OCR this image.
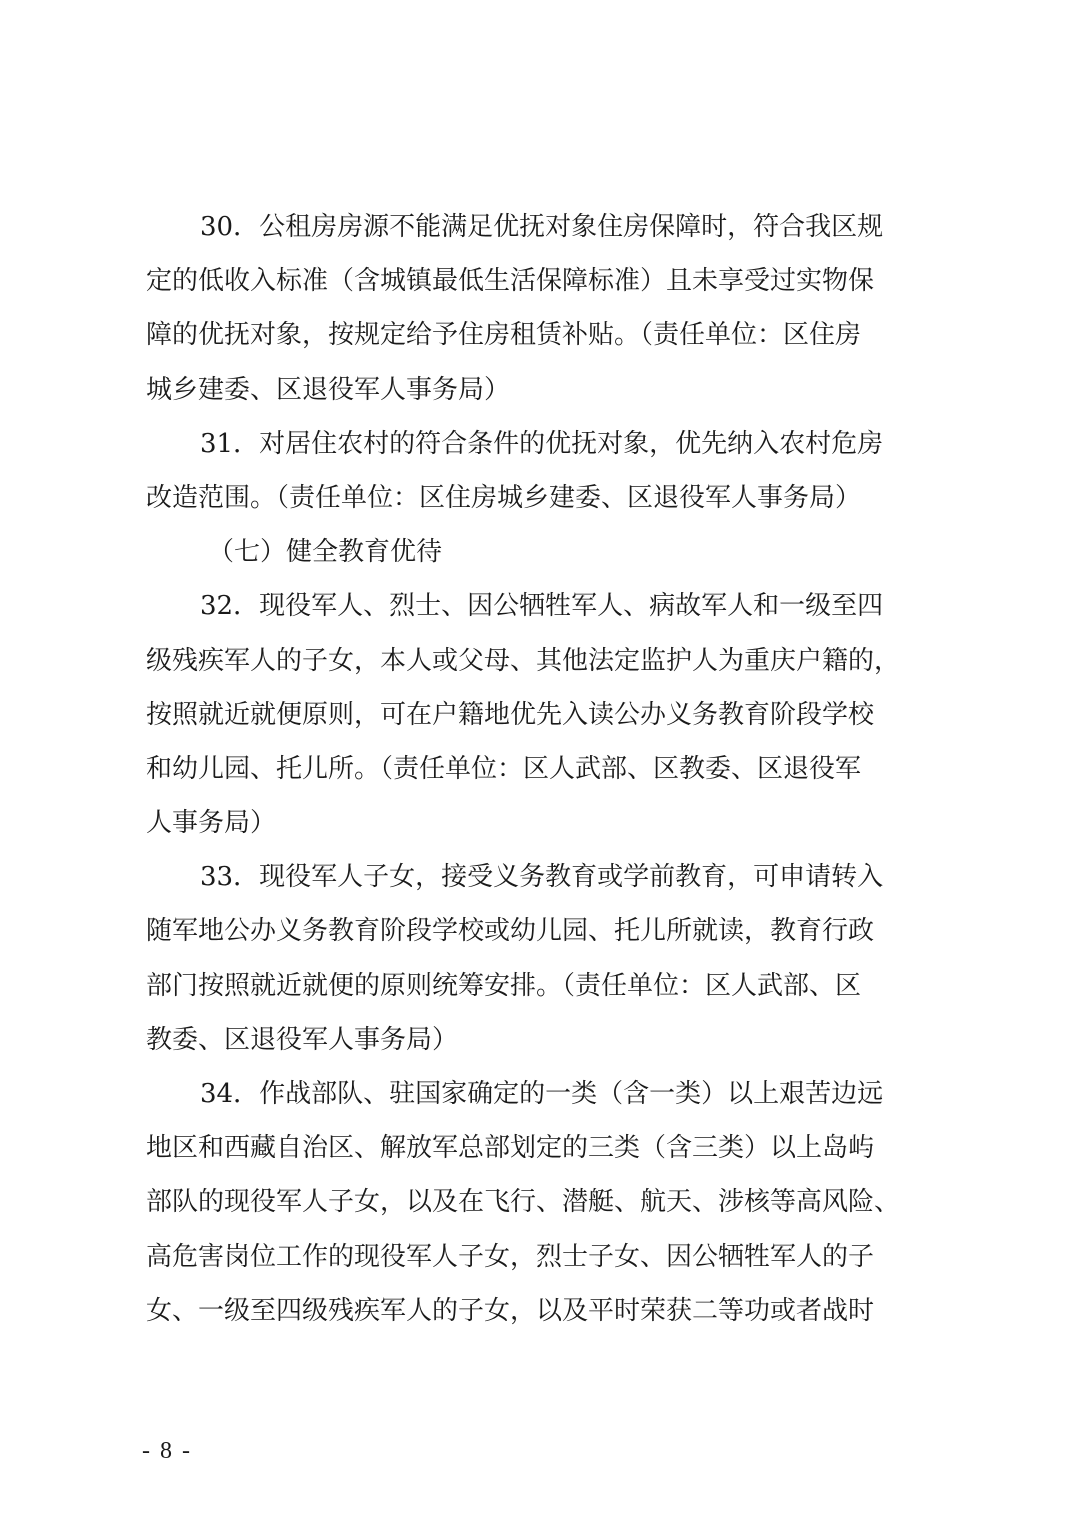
30．公租房房源不能满足优抚对象住房保障时，符合我区规
定的低收入标准（含城镇最低生活保障标准）且未享受过实物保
障的优抚对象，按规定给予住房租赁补贴。（责任单位：区住房
城乡建委、区退役军人事务局）
31．对居住农村的符合条件的优抚对象，优先纳入农村危房
改造范围。（责任单位：区住房城乡建委、区退役军人事务局）
（七）健全教育优待
32．现役军人、烈士、因公牺牲军人、病故军人和一级至四
级残疾军人的子女，本人或父母、其他法定监护人为重庆户籍的，
按照就近就便原则，可在户籍地优先入读公办义务教育阶段学校
和幼儿园、托儿所。（责任单位：区人武部、区教委、区退役军
人事务局）
33．现役军人子女，接受义务教育或学前教育，可申请转入
随军地公办义务教育阶段学校或幼儿园、托儿所就读，教育行政
部门按照就近就便的原则统筹安排。（责任单位：区人武部、区
教委、区退役军人事务局）
34．作战部队、驻国家确定的一类（含一类）以上艰苦边远
地区和西藏自治区、解放军总部划定的三类（含三类）以上岛屿
部队的现役军人子女，以及在飞行、潜艇、航天、涉核等高风险、
高危害岗位工作的现役军人子女，烈士子女、因公牺牲军人的子
女、一级至四级残疾军人的子女，以及平时荣获二等功或者战时
- 8 -
